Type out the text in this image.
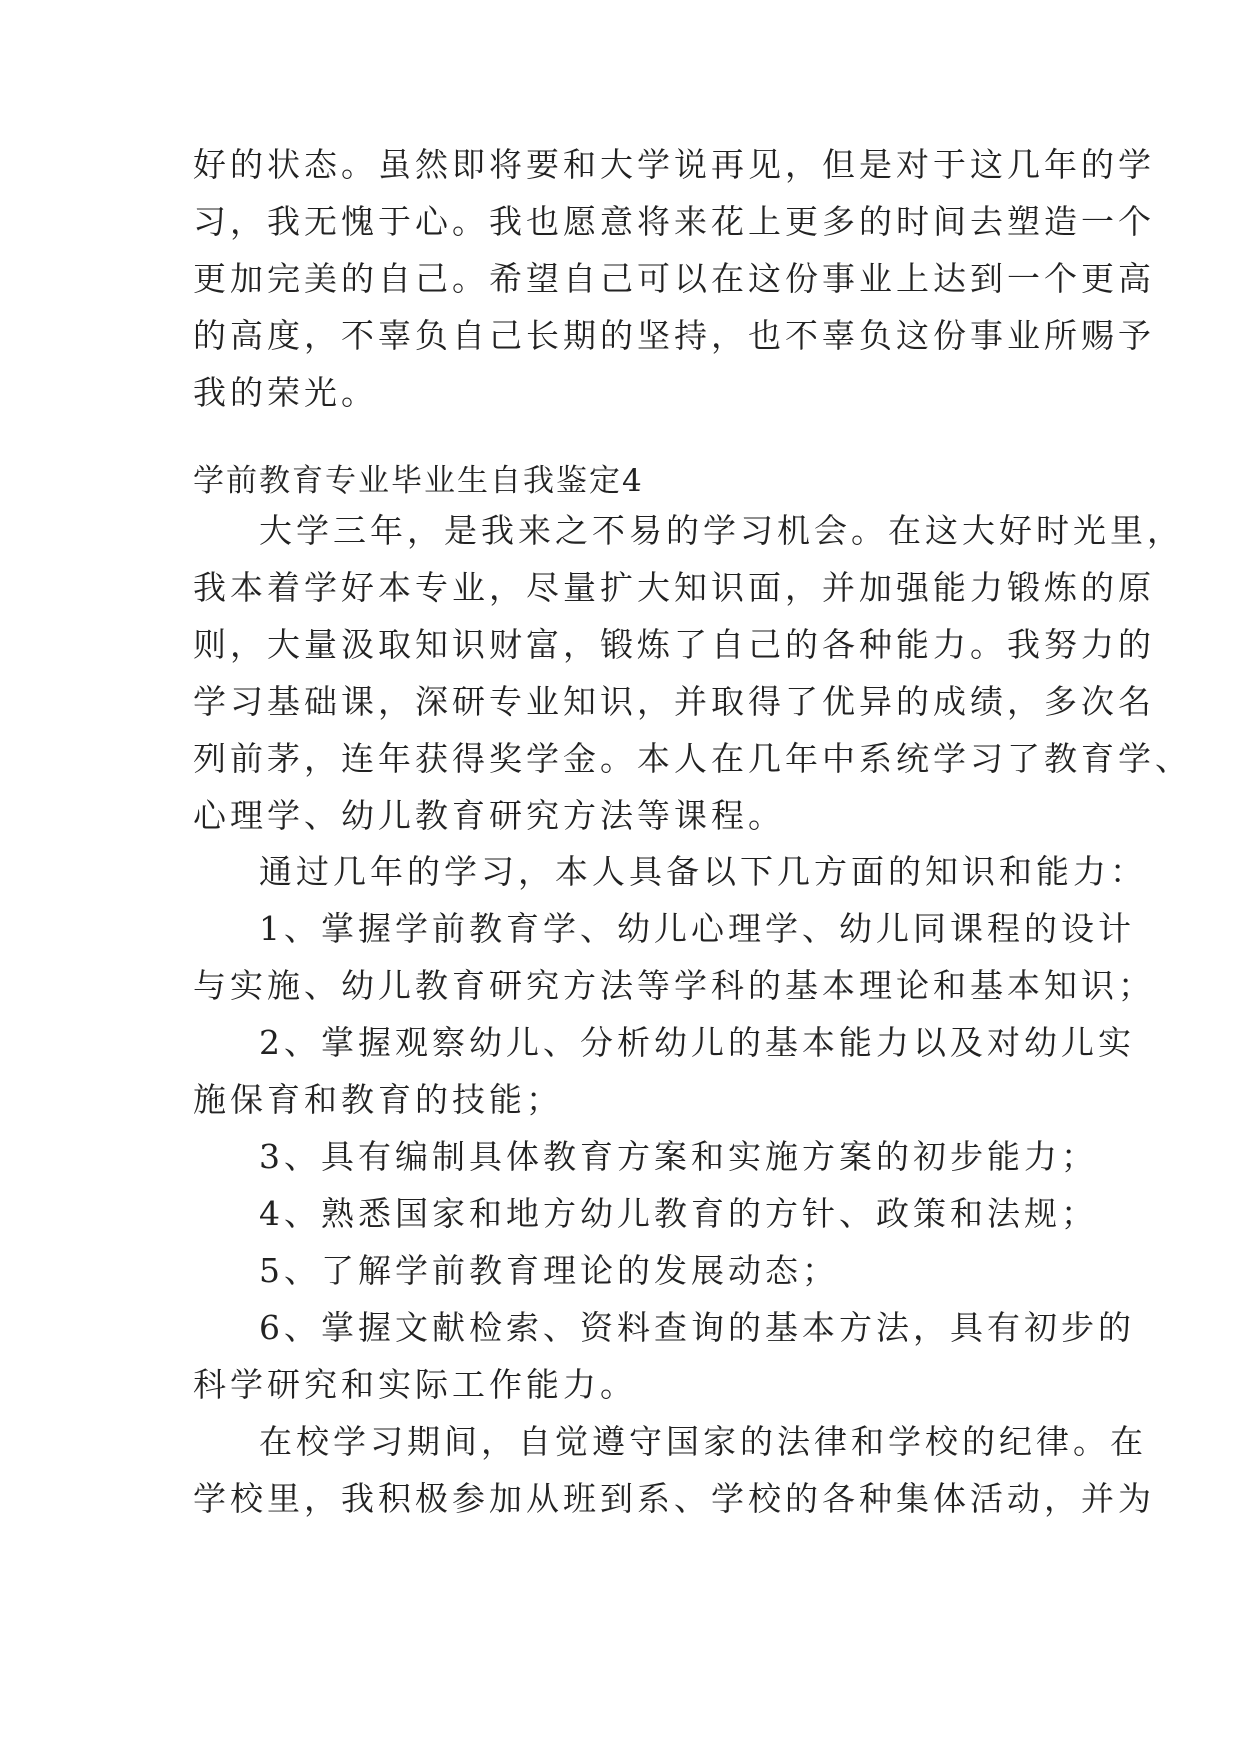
好的状态。虽然即将要和大学说再见，但是对于这几年的学
习，我无愧于心。我也愿意将来花上更多的时间去塑造一个
更加完美的自己。希望自己可以在这份事业上达到一个更高
的高度，不辜负自己长期的坚持，也不辜负这份事业所赐予
我的荣光。
学前教育专业毕业生自我鉴定4
大学三年，是我来之不易的学习机会。在这大好时光里，
我本着学好本专业，尽量扩大知识面，并加强能力锻炼的原
则，大量汲取知识财富，锻炼了自己的各种能力。我努力的
学习基础课，深研专业知识，并取得了优异的成绩，多次名
列前茅，连年获得奖学金。本人在几年中系统学习了教育学、
心理学、幼儿教育研究方法等课程。
通过几年的学习，本人具备以下几方面的知识和能力：
1、掌握学前教育学、幼儿心理学、幼儿同课程的设计
与实施、幼儿教育研究方法等学科的基本理论和基本知识；
2、掌握观察幼儿、分析幼儿的基本能力以及对幼儿实
施保育和教育的技能；
3、具有编制具体教育方案和实施方案的初步能力；
4、熟悉国家和地方幼儿教育的方针、政策和法规；
5、了解学前教育理论的发展动态；
6、掌握文献检索、资料查询的基本方法，具有初步的
科学研究和实际工作能力。
在校学习期间，自觉遵守国家的法律和学校的纪律。在
学校里，我积极参加从班到系、学校的各种集体活动，并为
